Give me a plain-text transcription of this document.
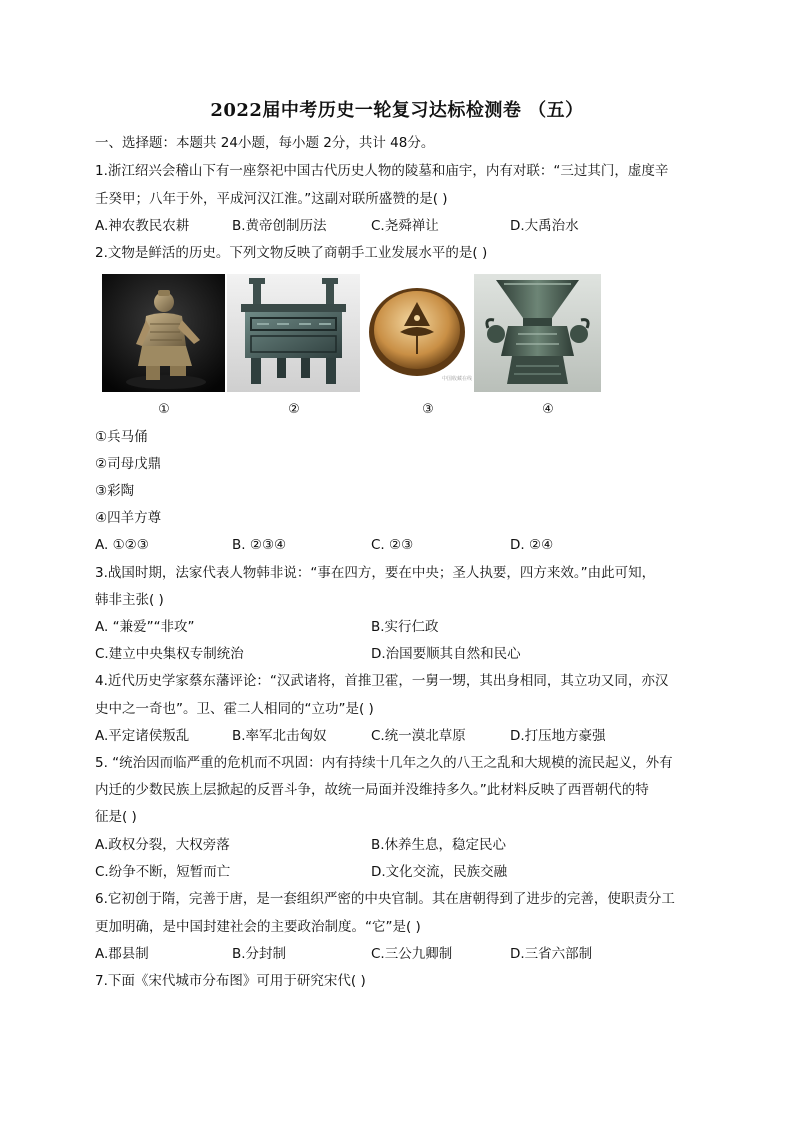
2022届中考历史一轮复习达标检测卷 （五）
一、选择题：本题共 24小题，每小题 2分，共计 48分。
1.浙江绍兴会稽山下有一座祭祀中国古代历史人物的陵墓和庙宇，内有对联：“三过其门，虚度辛
壬癸甲；八年于外，平成河汉江淮。”这副对联所盛赞的是( )
A.神农教民农耕	B.黄帝创制历法	C.尧舜禅让	D.大禹治水
2.文物是鲜活的历史。下列文物反映了商朝手工业发展水平的是( )
中国收藏在线
①	②	③	④
①兵马俑
②司母戊鼎
③彩陶
④四羊方尊
A. ①②③	B. ②③④	C. ②③	D. ②④
3.战国时期，法家代表人物韩非说：“事在四方，要在中央；圣人执要，四方来效。”由此可知，
韩非主张( )
A. “兼爱”“非攻”	B.实行仁政
C.建立中央集权专制统治	D.治国要顺其自然和民心
4.近代历史学家蔡东藩评论：“汉武诸将，首推卫霍，一舅一甥，其出身相同，其立功又同，亦汉
史中之一奇也”。卫、霍二人相同的“立功”是( )
A.平定诸侯叛乱	B.率军北击匈奴	C.统一漠北草原	D.打压地方豪强
5. “统治因而临严重的危机而不巩固：内有持续十几年之久的八王之乱和大规模的流民起义，外有
内迁的少数民族上层掀起的反晋斗争，故统一局面并没维持多久。”此材料反映了西晋朝代的特
征是( )
A.政权分裂，大权旁落	B.休养生息，稳定民心
C.纷争不断，短暂而亡	D.文化交流，民族交融
6.它初创于隋，完善于唐，是一套组织严密的中央官制。其在唐朝得到了进步的完善，使职责分工
更加明确，是中国封建社会的主要政治制度。“它”是( )
A.郡县制	B.分封制	C.三公九卿制	D.三省六部制
7.下面《宋代城市分布图》可用于研究宋代( )
